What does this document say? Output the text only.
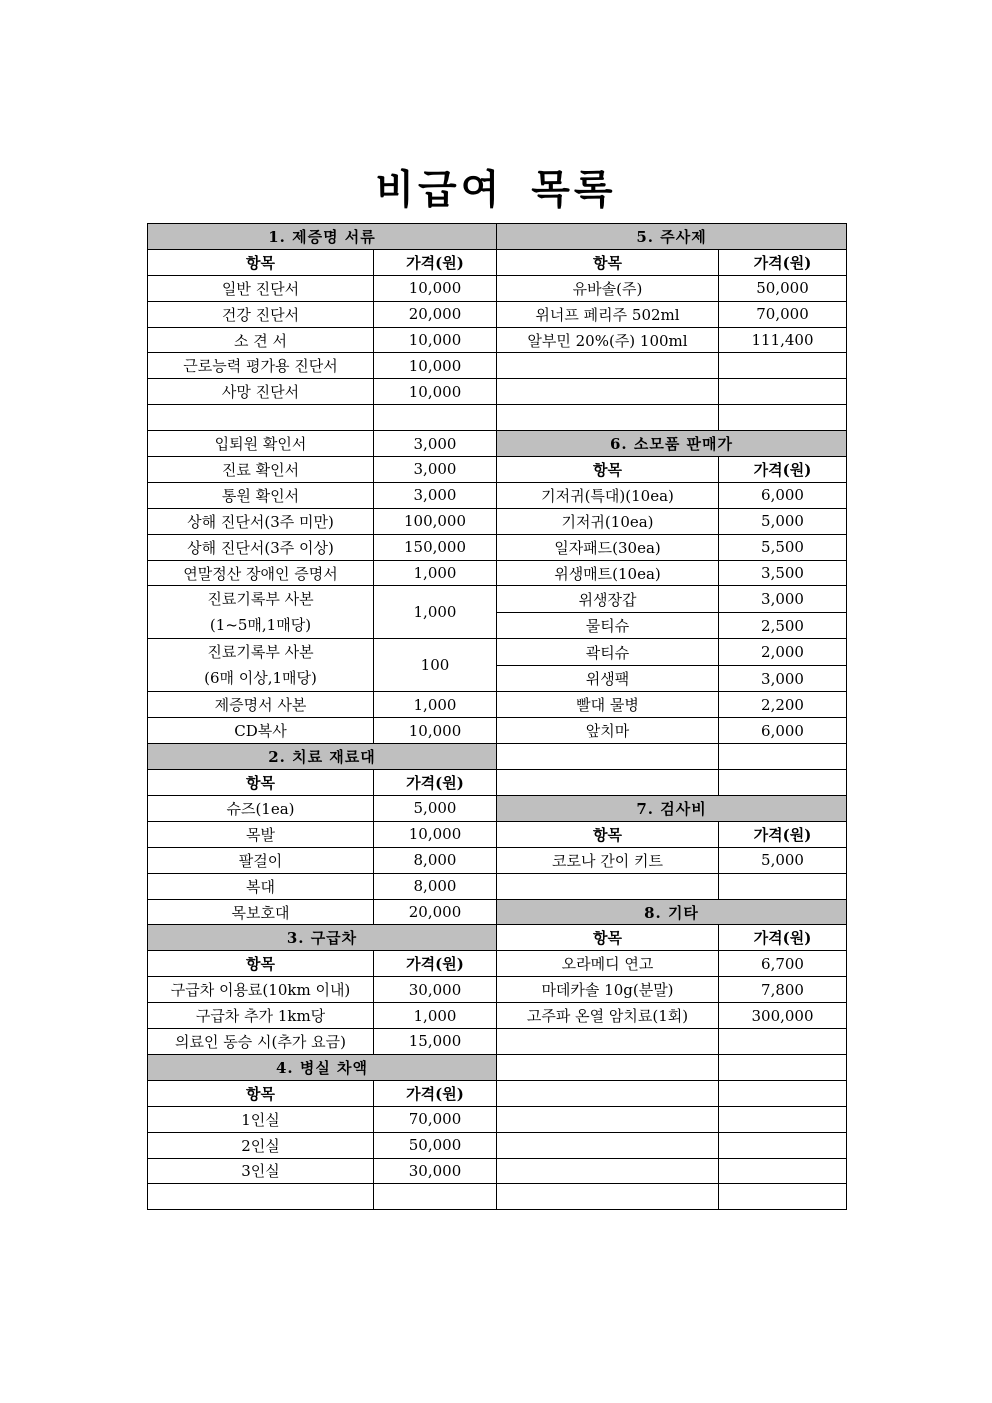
비급여 목록
1. 제증명 서류		5. 주사제	
항목	가격(원)	항목	가격(원)
일반 진단서	10,000	유바솔(주)	50,000
건강 진단서	20,000	위너프 페리주 502ml	70,000
소 견 서	10,000	알부민 20%(주) 100ml	111,400
근로능력 평가용 진단서	10,000		
사망 진단서	10,000		

입퇴원 확인서	3,000	6. 소모품 판매가	
진료 확인서	3,000	항목	가격(원)
통원 확인서	3,000	기저귀(특대)(10ea)	6,000
상해 진단서(3주 미만)	100,000	기저귀(10ea)	5,000
상해 진단서(3주 이상)	150,000	일자패드(30ea)	5,500
연말정산 장애인 증명서	1,000	위생매트(10ea)	3,500

진료기록부 사본
(1~5매,1매당)	1,000	위생장갑	3,000
		물티슈	2,500

진료기록부 사본
(6매 이상,1매당)	100	곽티슈	2,000
		위생팩	3,000
제증명서 사본	1,000	빨대 물병	2,200
CD복사	10,000	앞치마	6,000
2. 치료 재료대			
항목	가격(원)		
슈즈(1ea)	5,000	7. 검사비	
목발	10,000	항목	가격(원)
팔걸이	8,000	코로나 간이 키트	5,000
복대	8,000		
목보호대	20,000	8. 기타	
3. 구급차		항목	가격(원)
항목	가격(원)	오라메디 연고	6,700
구급차 이용료(10km 이내)	30,000	마데카솔 10g(분말)	7,800
구급차 추가 1km당	1,000	고주파 온열 암치료(1회)	300,000
의료인 동승 시(추가 요금)	15,000		
4. 병실 차액			
항목	가격(원)		
1인실	70,000		
2인실	50,000		
3인실	30,000		
